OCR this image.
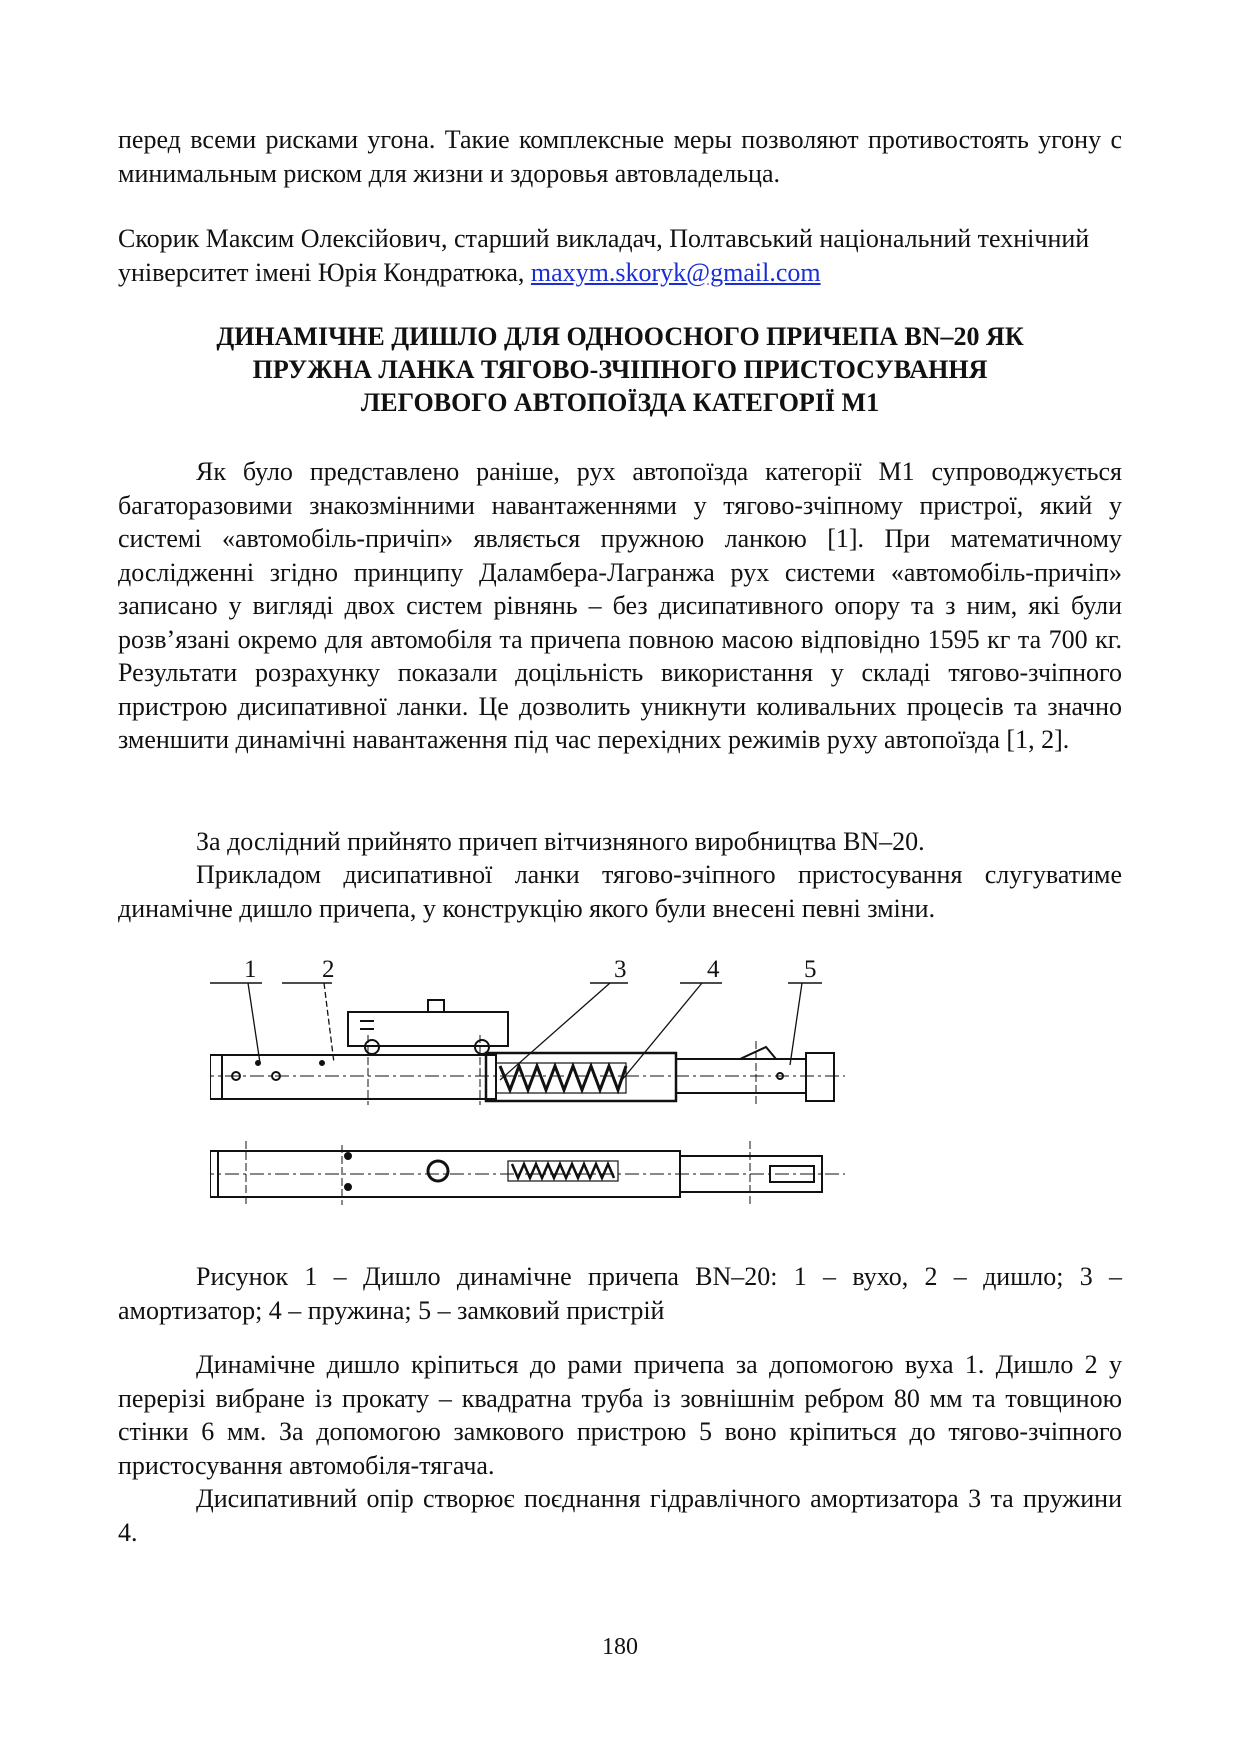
перед всеми рисками угона. Такие комплексные меры позволяют противостоять угону с минимальным риском для жизни и здоровья автовладельца.

Скорик Максим Олексійович, старший викладач, Полтавський національний технічний університет імені Юрія Кондратюка, maxym.skoryk@gmail.com

ДИНАМІЧНЕ ДИШЛО ДЛЯ ОДНООСНОГО ПРИЧЕПА BN–20 ЯК
ПРУЖНА ЛАНКА ТЯГОВО-ЗЧІПНОГО ПРИСТОСУВАННЯ
ЛЕГОВОГО АВТОПОЇЗДА КАТЕГОРІЇ М1

Як було представлено раніше, рух автопоїзда категорії М1 супроводжується багаторазовими знакозмінними навантаженнями у тягово-зчіпному пристрої, який у системі «автомобіль-причіп» являється пружною ланкою [1]. При математичному дослідженні згідно принципу Даламбера-Лагранжа рух системи «автомобіль-причіп» записано у вигляді двох систем рівнянь – без дисипативного опору та з ним, які були розв’язані окремо для автомобіля та причепа повною масою відповідно 1595 кг та 700 кг. Результати розрахунку показали доцільність використання у складі тягово-зчіпного пристрою дисипативної ланки. Це дозволить уникнути коливальних процесів та значно зменшити динамічні навантаження під час перехідних режимів руху автопоїзда [1, 2].

За дослідний прийнято причеп вітчизняного виробництва BN–20.

Прикладом дисипативної ланки тягово-зчіпного пристосування слугуватиме динамічне дишло причепа, у конструкцію якого були внесені певні зміни.

1	2	3	4	5

Рисунок 1 – Дишло динамічне причепа BN–20: 1 – вухо, 2 – дишло; 3 – амортизатор; 4 – пружина; 5 – замковий пристрій

Динамічне дишло кріпиться до рами причепа за допомогою вуха 1. Дишло 2 у перерізі вибране із прокату – квадратна труба із зовнішнім ребром 80 мм та товщиною стінки 6 мм. За допомогою замкового пристрою 5 воно кріпиться до тягово-зчіпного пристосування автомобіля-тягача.

Дисипативний опір створює поєднання гідравлічного амортизатора 3 та пружини 4.

180
